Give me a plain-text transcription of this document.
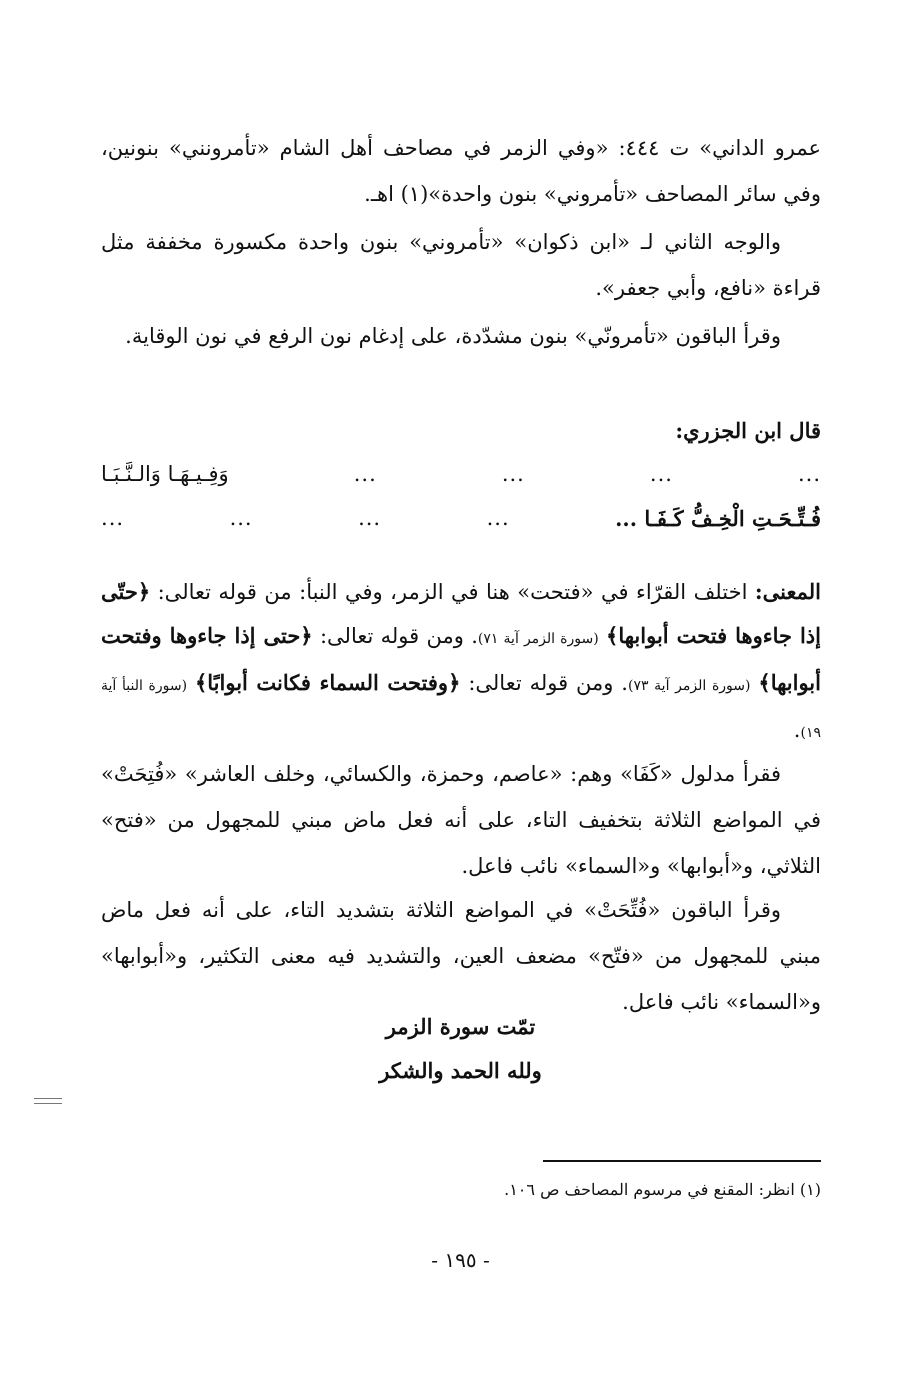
عمرو الداني» ت ٤٤٤: «وفي الزمر في مصاحف أهل الشام «تأمرونني» بنونين، وفي سائر المصاحف «تأمروني» بنون واحدة»(١) اهـ.

والوجه الثاني لـ «ابن ذكوان» «تأمروني» بنون واحدة مكسورة مخففة مثل قراءة «نافع، وأبي جعفر».

وقرأ الباقون «تأمرونّي» بنون مشدّدة، على إدغام نون الرفع في نون الوقاية.

قال ابن الجزري:
...
...
...
...
وَفِـيـهَـا وَالـنَّـبَـا
فُـتِّـحَـتِ الْخِـفُّ كَـفَـا ...
...
...
...
...

المعنى: اختلف القرّاء في «فتحت» هنا في الزمر، وفي النبأ: من قوله تعالى: ﴿حتّى إذا جاءوها فتحت أبوابها﴾ (سورة الزمر آية ٧١). ومن قوله تعالى: ﴿حتى إذا جاءوها وفتحت أبوابها﴾ (سورة الزمر آية ٧٣). ومن قوله تعالى: ﴿وفتحت السماء فكانت أبوابًا﴾ (سورة النبأ آية ١٩).

فقرأ مدلول «كَفَا» وهم: «عاصم، وحمزة، والكسائي، وخلف العاشر» «فُتِحَتْ» في المواضع الثلاثة بتخفيف التاء، على أنه فعل ماض مبني للمجهول من «فتح» الثلاثي، و«أبوابها» و«السماء» نائب فاعل.

وقرأ الباقون «فُتِّحَتْ» في المواضع الثلاثة بتشديد التاء، على أنه فعل ماض مبني للمجهول من «فتّح» مضعف العين، والتشديد فيه معنى التكثير، و«أبوابها» و«السماء» نائب فاعل.

تمّت سورة الزمر
ولله الحمد والشكر
(١) انظر: المقنع في مرسوم المصاحف ص ١٠٦.
- ١٩٥ -
